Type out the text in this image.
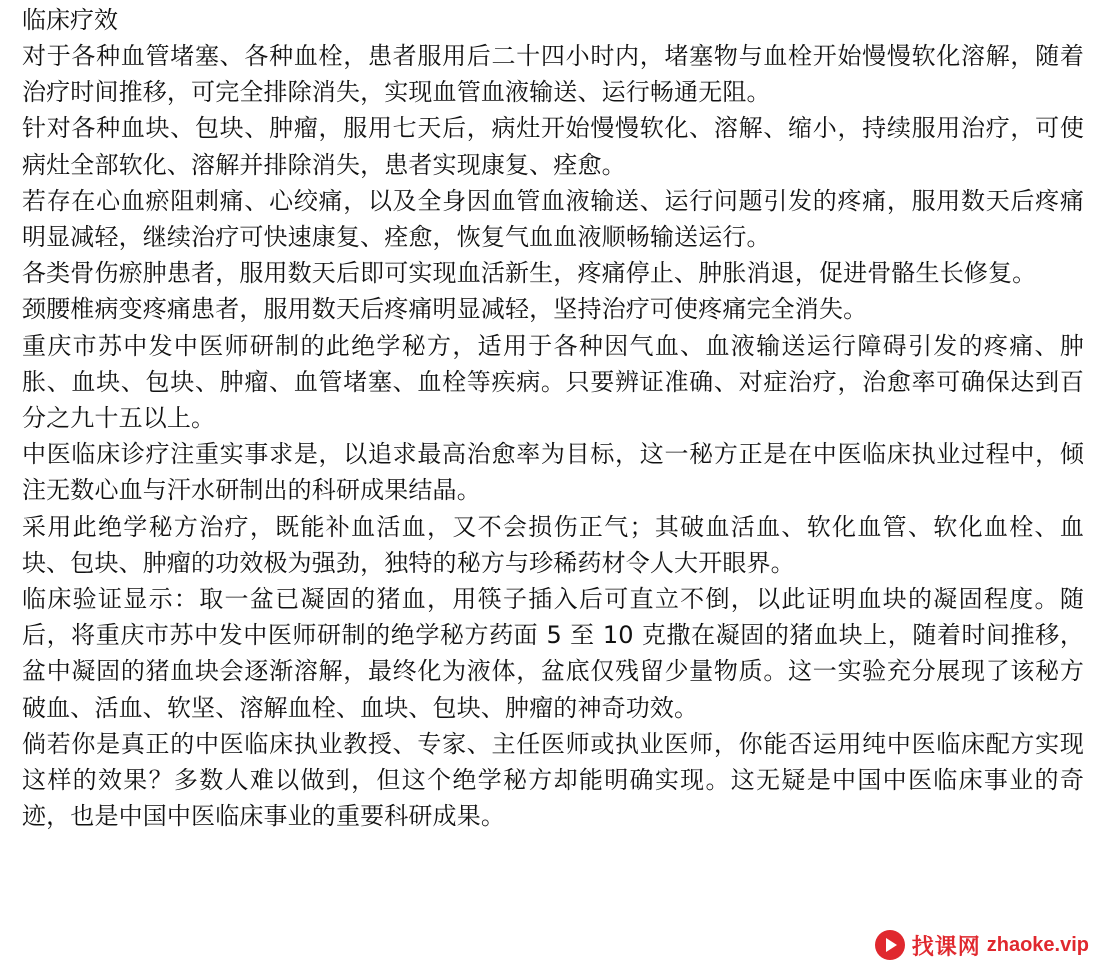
临床疗效

对于各种血管堵塞、各种血栓，患者服用后二十四小时内，堵塞物与血栓开始慢慢软化溶解，随着治疗时间推移，可完全排除消失，实现血管血液输送、运行畅通无阻。

针对各种血块、包块、肿瘤，服用七天后，病灶开始慢慢软化、溶解、缩小，持续服用治疗，可使病灶全部软化、溶解并排除消失，患者实现康复、痊愈。

若存在心血瘀阻刺痛、心绞痛，以及全身因血管血液输送、运行问题引发的疼痛，服用数天后疼痛明显减轻，继续治疗可快速康复、痊愈，恢复气血血液顺畅输送运行。

各类骨伤瘀肿患者，服用数天后即可实现血活新生，疼痛停止、肿胀消退，促进骨骼生长修复。

颈腰椎病变疼痛患者，服用数天后疼痛明显减轻，坚持治疗可使疼痛完全消失。

重庆市苏中发中医师研制的此绝学秘方，适用于各种因气血、血液输送运行障碍引发的疼痛、肿胀、血块、包块、肿瘤、血管堵塞、血栓等疾病。只要辨证准确、对症治疗，治愈率可确保达到百分之九十五以上。

中医临床诊疗注重实事求是，以追求最高治愈率为目标，这一秘方正是在中医临床执业过程中，倾注无数心血与汗水研制出的科研成果结晶。

采用此绝学秘方治疗，既能补血活血，又不会损伤正气；其破血活血、软化血管、软化血栓、血块、包块、肿瘤的功效极为强劲，独特的秘方与珍稀药材令人大开眼界。

临床验证显示：取一盆已凝固的猪血，用筷子插入后可直立不倒，以此证明血块的凝固程度。随后，将重庆市苏中发中医师研制的绝学秘方药面 5 至 10 克撒在凝固的猪血块上，随着时间推移，盆中凝固的猪血块会逐渐溶解，最终化为液体，盆底仅残留少量物质。这一实验充分展现了该秘方破血、活血、软坚、溶解血栓、血块、包块、肿瘤的神奇功效。

倘若你是真正的中医临床执业教授、专家、主任医师或执业医师，你能否运用纯中医临床配方实现这样的效果？多数人难以做到，但这个绝学秘方却能明确实现。这无疑是中国中医临床事业的奇迹，也是中国中医临床事业的重要科研成果。

找课网 zhaoke.vip
